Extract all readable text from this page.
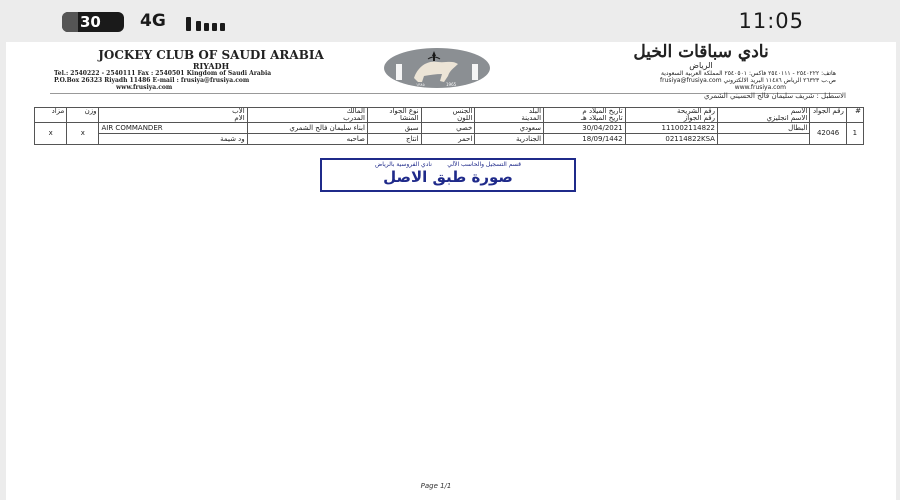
30	4G	11:05
JOCKEY CLUB OF SAUDI ARABIA
RIYADH
Tel.: 2540222 - 2540111 Fax : 2540501 Kingdom of Saudi Arabia
P.O.Box 26323 Riyadh 11486 E-mail : frusiya@frusiya.com
www.frusiya.com	١٣٨٥	1965
نادي سباقات الخيل
الرياض
هاتف: ٢٥٤٠٢٢٢ - ٢٥٤٠١١١ فاكس: ٢٥٤٠٥٠١ المملكة العربية السعودية
ص.ب ٢٦٣٢٣ الرياض ١١٤٨٦ البريد الالكتروني frusiya@frusiya.com
www.frusiya.com
الاسطبل : شريف سليمان فالح الحسيني الشمري
#	رقم الجواد	الاسم	رقم الشريحة	تاريخ الميلاد م	البلد	الجنس	نوع الجواد	المالك	الاب	وزن	مزاد
		الاسم انجليزي	رقم الجواز	تاريخ الميلاد هـ	المدينة	اللون	المنشأ	المدرب	الام		
1	42046	البطال	111002114822	30/04/2021	سعودي	خصي	سبق	ابناء سليمان فالح الشمري	AIR COMMANDER	x	x
			02114822KSA	18/09/1442	الجنادرية	احمر	انتاج	صاحبه	ود شيمة		
قسم التسجيل والحاسب الآلي        نادي الفروسية بالرياض
صورة طبق الاصل
Page 1/1
